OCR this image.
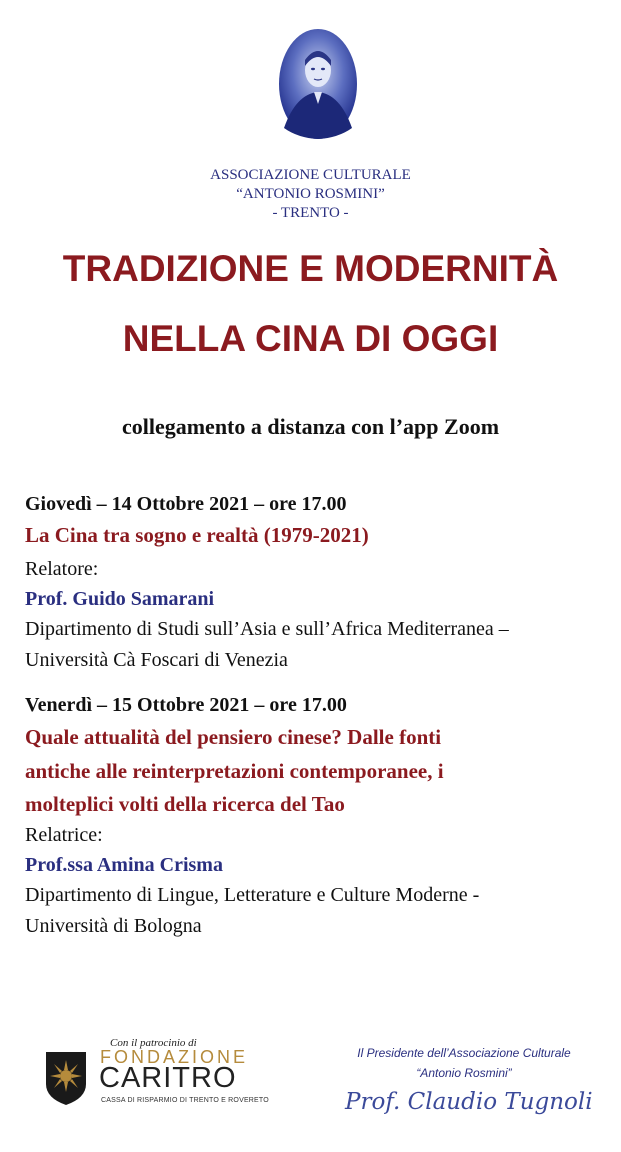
ASSOCIAZIONE CULTURALE
“ANTONIO ROSMINI”
- TRENTO -
TRADIZIONE E MODERNITÀ
NELLA CINA DI OGGI
collegamento a distanza con l’app Zoom
Giovedì – 14 Ottobre 2021 – ore 17.00
La Cina tra sogno e realtà (1979-2021)
Relatore:
Prof. Guido Samarani
Dipartimento di Studi sull’Asia e sull’Africa Mediterranea –
Università Cà Foscari di Venezia
Venerdì – 15 Ottobre 2021 – ore 17.00
Quale attualità del pensiero cinese? Dalle fonti
antiche alle reinterpretazioni contemporanee, i
molteplici volti della ricerca del Tao
Relatrice:
Prof.ssa Amina Crisma
Dipartimento di Lingue, Letterature e Culture Moderne -
Università di Bologna
Con il patrocinio di
FONDAZIONE
CARITRO
CASSA DI RISPARMIO DI TRENTO E ROVERETO
Il Presidente dell’Associazione Culturale
“Antonio Rosmini”
Prof. Claudio Tugnoli
